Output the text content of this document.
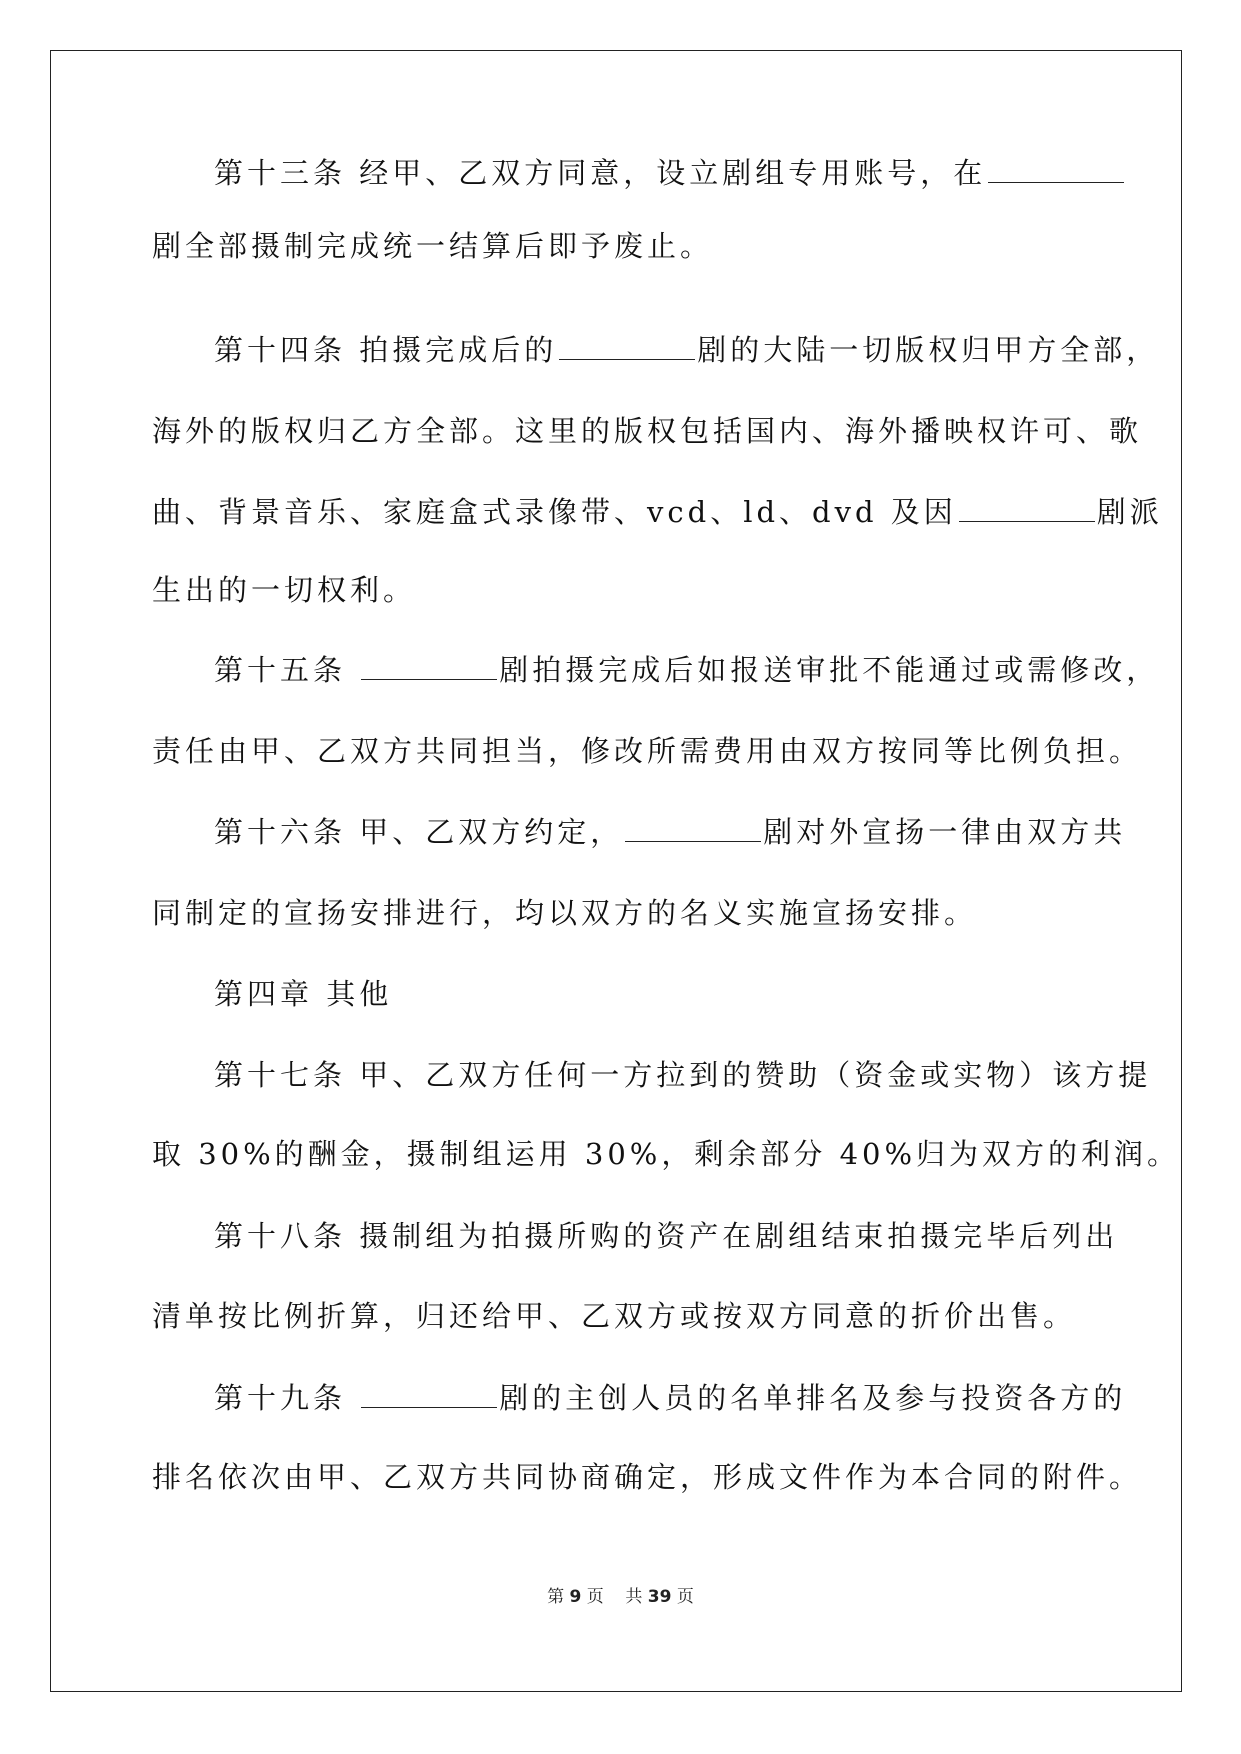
第十三条 经甲、乙双方同意，设立剧组专用账号，在
剧全部摄制完成统一结算后即予废止。
第十四条 拍摄完成后的	剧的大陆一切版权归甲方全部，
海外的版权归乙方全部。这里的版权包括国内、海外播映权许可、歌
曲、背景音乐、家庭盒式录像带、vcd、ld、dvd 及因	剧派
生出的一切权利。
第十五条	剧拍摄完成后如报送审批不能通过或需修改，
责任由甲、乙双方共同担当，修改所需费用由双方按同等比例负担。
第十六条 甲、乙双方约定，	剧对外宣扬一律由双方共
同制定的宣扬安排进行，均以双方的名义实施宣扬安排。
第四章 其他
第十七条 甲、乙双方任何一方拉到的赞助（资金或实物）该方提
取 30%的酬金，摄制组运用 30%，剩余部分 40%归为双方的利润。
第十八条 摄制组为拍摄所购的资产在剧组结束拍摄完毕后列出
清单按比例折算，归还给甲、乙双方或按双方同意的折价出售。
第十九条	剧的主创人员的名单排名及参与投资各方的
排名依次由甲、乙双方共同协商确定，形成文件作为本合同的附件。
第 9 页 共 39 页
